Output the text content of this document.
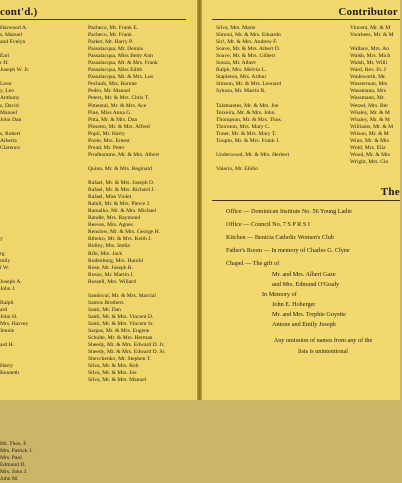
cont'd.)
Harwood A.
s, Manuel
and Evelyn
Earl
r H.
Joseph W. Jr.
Leon
y, Leo
Anthony
s, David
Manuel
John Dan
s, Robert
Alberta
Clarence
y
rg
mily
l W.
Joseph A.
John J.
Ralph
ard
John H.
Mrs. Harvey
Jennie
ard H.
Harry
Kenneth
Mr. Thos. F.
Mrs. Patrick J.
Mrs. Paul
Edmund D.
Mrs. John J.
John M.
Pacheco, Mr. Frank E.
Pacheco, Mr. Frank
Parker, Mr. Harry P.
Passalacqua, Mr. Dennis
Passalacqua, Miss Betty Ann
Passalacqua, Mr. & Mrs. Frank
Passalacqua, Miss Edith
Passalacqua, Mr. & Mrs. Leo
Pechnik, Mrs. Bonnie
Pedro, Mr. Manuel
Peters, Mr. & Mrs. Chris T.
Pimental, Mr. & Mrs. Ace
Pine, Miss Anna G.
Pitta, Mr. & Mrs. Dan
Plesetto, Mr. & Mrs. Alfred
Popli, Mr. Harry
Poole, Mrs. Ernest
Pread, Mr. Peter
Prudhomme, Mr. & Mrs. Albert
Quinn, Mr. & Mrs. Reginald
Rafael, Mr. & Mrs. Joseph O.
Rafael, Mr. & Mrs. Richard J.
Rafael, Miss Violet
Rahill, Mr. & Mrs. Pierce J.
Ramalho, Mr. & Mrs. Michael
Randle, Mrs. Raymond
Reeves, Mrs. Agnes
Renslow, Mr. & Mrs. George H.
Ribeiro, Mr. & Mrs. Keith J.
Ridley, Mrs. Stella
Rife, Mrs. Jack
Rodenburg, Mrs. Harold
Rose, Mr. Joseph R.
Rosso, Mr. Martin J.
Russell, Mrs. Willard
Sandoval, Mr. & Mrs. Marcial
Santos Brothers
Santi, Mr. Dan
Santi, Mr. & Mrs. Vincent D.
Santi, Mr. & Mrs. Vincent Sr.
Sarpas, Mr. & Mrs. Eugene
Schulte, Mr. & Mrs. Herman
Sheedy, Mr. & Mrs. Edward D. Jr.
Sheedy, Mr. & Mrs. Edward D. Sr.
Shevchenko, Mr. Stephen T.
Silva, Mr. & Mrs. Bob
Silva, Mr. & Mrs. Joe
Silva, Mr. & Mrs. Manuel
Contributor
Silva, Mrs. Marie
Simoni, Mr. & Mrs. Eduardo
Sir!, Mr. & Mrs. Andrew F.
Soave, Mr. & Mrs. Albert D.
Soave, Mr. & Mrs. Gilbert
Souza, Mr. Albert
Ralph, Mrs. Melvin L.
Stapleton, Mrs. Arthur
Stinson, Mr. & Mrs. Leonard
Sykora, Mr. Martin R.
Talamantes, Mr. & Mrs. Joe
Teixeira, Mr. & Mrs. John
Thompson, Mr. & Mrs. Thos.
Thornton, Mrs. Mary C.
Toner, Mr. & Mrs. Mary T.
Toupin, Mr. & Mrs. Frank J.
Underwood, Mr. & Mrs. Herbert
Valerio, Mr. Elidio
Vincent, Mr. & M
Voorhees, Mr. & M
Wallace, Mrs. An
Walsh, Mrs. Mich
Walsh, Mr. Willi
Ward, Rev. Fr. J
Wadsworth, Mr.
Wasserman, Mrs
Wassmann, Mrs
Wassmann, Mr.
Wetzel, Mrs. Ber
Whaley, Mr. & M
Whaley, Mr. & M
Williams, Mr. & M
Wilson, Mr. & M
Winn, Mr. & Mrs
Wold, Mrs. Eliz
Wood, Mr. & Mrs
Wright, Mrs. Cla
The
Office — Dominican Institute No. 56 Young Ladie
Office — Council No. 7 S P R S I
Kitchen — Benicia Catholic Women's Club
Father's Room — In memory of Charles G. Clyne
Chapel — The gift of
Mr. and Mrs. Albert Gaze
and Mrs. Edmund O'Grady
In Memory of
John E. Hoberger
Mr. and Mrs. Trephie Goyette
Antone and Emily Joseph
Any omission of names from any of the
lists is unintentional
